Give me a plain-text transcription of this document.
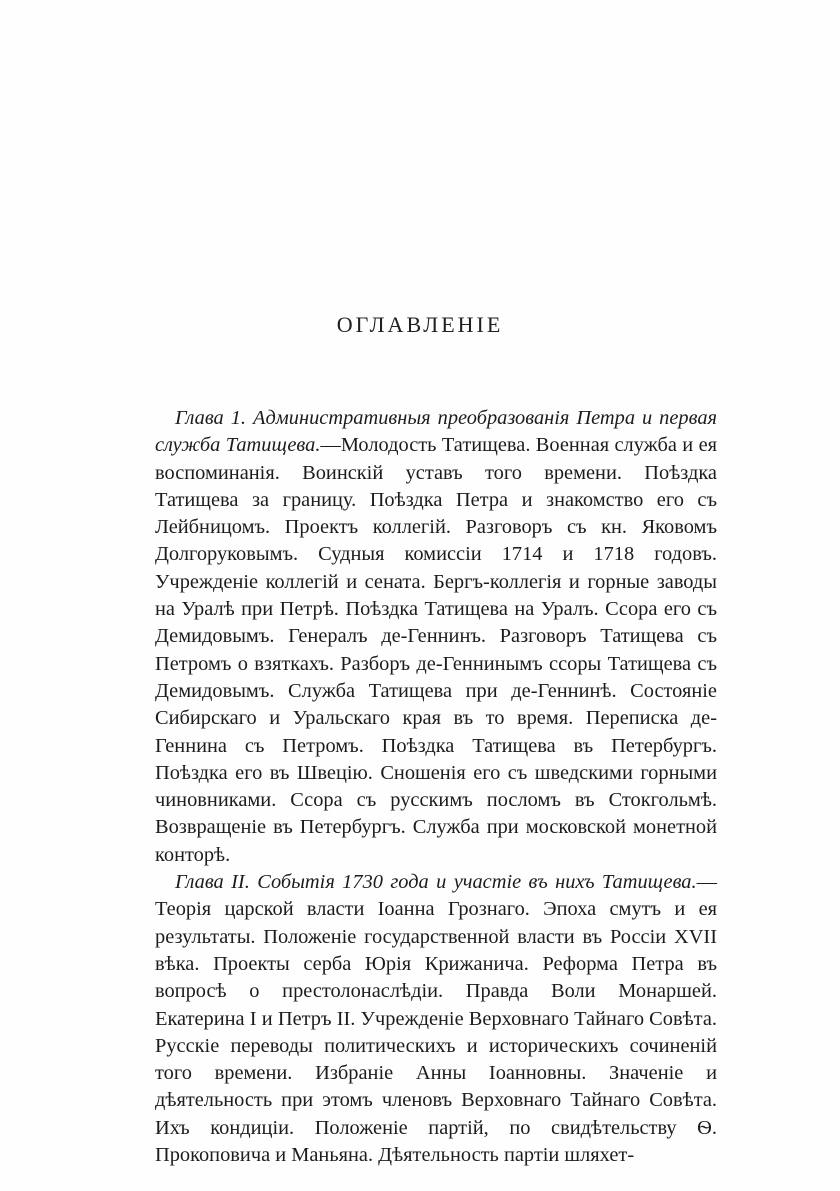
ОГЛАВЛЕНІЕ

Глава 1. Административныя преобразованія Петра и первая служба Татищева.—Молодость Татищева. Военная служба и ея воспоминанія. Воинскій уставъ того времени. Поѣздка Татищева за границу. Поѣздка Петра и знакомство его съ Лейбницомъ. Проектъ коллегій. Разговоръ съ кн. Яковомъ Долгоруковымъ. Судныя комиссіи 1714 и 1718 годовъ. Учрежденіе коллегій и сената. Бергъ-коллегія и горные заводы на Уралѣ при Петрѣ. Поѣздка Татищева на Уралъ. Ссора его съ Демидовымъ. Генералъ де-Геннинъ. Разговоръ Татищева съ Петромъ о взяткахъ. Разборъ де-Геннинымъ ссоры Татищева съ Демидовымъ. Служба Татищева при де-Геннинѣ. Состояніе Сибирскаго и Уральскаго края въ то время. Переписка де-Геннина съ Петромъ. Поѣздка Татищева въ Петербургъ. Поѣздка его въ Швецію. Сношенія его съ шведскими горными чиновниками. Ссора съ русскимъ посломъ въ Стокгольмѣ. Возвращеніе въ Петербургъ. Служба при московской монетной конторѣ.

Глава II. Событія 1730 года и участіе въ нихъ Татищева.—Теорія царской власти Іоанна Грознаго. Эпоха смутъ и ея результаты. Положеніе государственной власти въ Россіи XVII вѣка. Проекты серба Юрія Крижанича. Реформа Петра въ вопросѣ о престолонаслѣдіи. Правда Воли Монаршей. Екатерина I и Петръ II. Учрежденіе Верховнаго Тайнаго Совѣта. Русскіе переводы политическихъ и историческихъ сочиненій того времени. Избраніе Анны Іоанновны. Значеніе и дѣятельность при этомъ членовъ Верховнаго Тайнаго Совѣта. Ихъ кондиціи. Положеніе партій, по свидѣтельству Ѳ. Прокоповича и Маньяна. Дѣятельность партіи шляхет-
